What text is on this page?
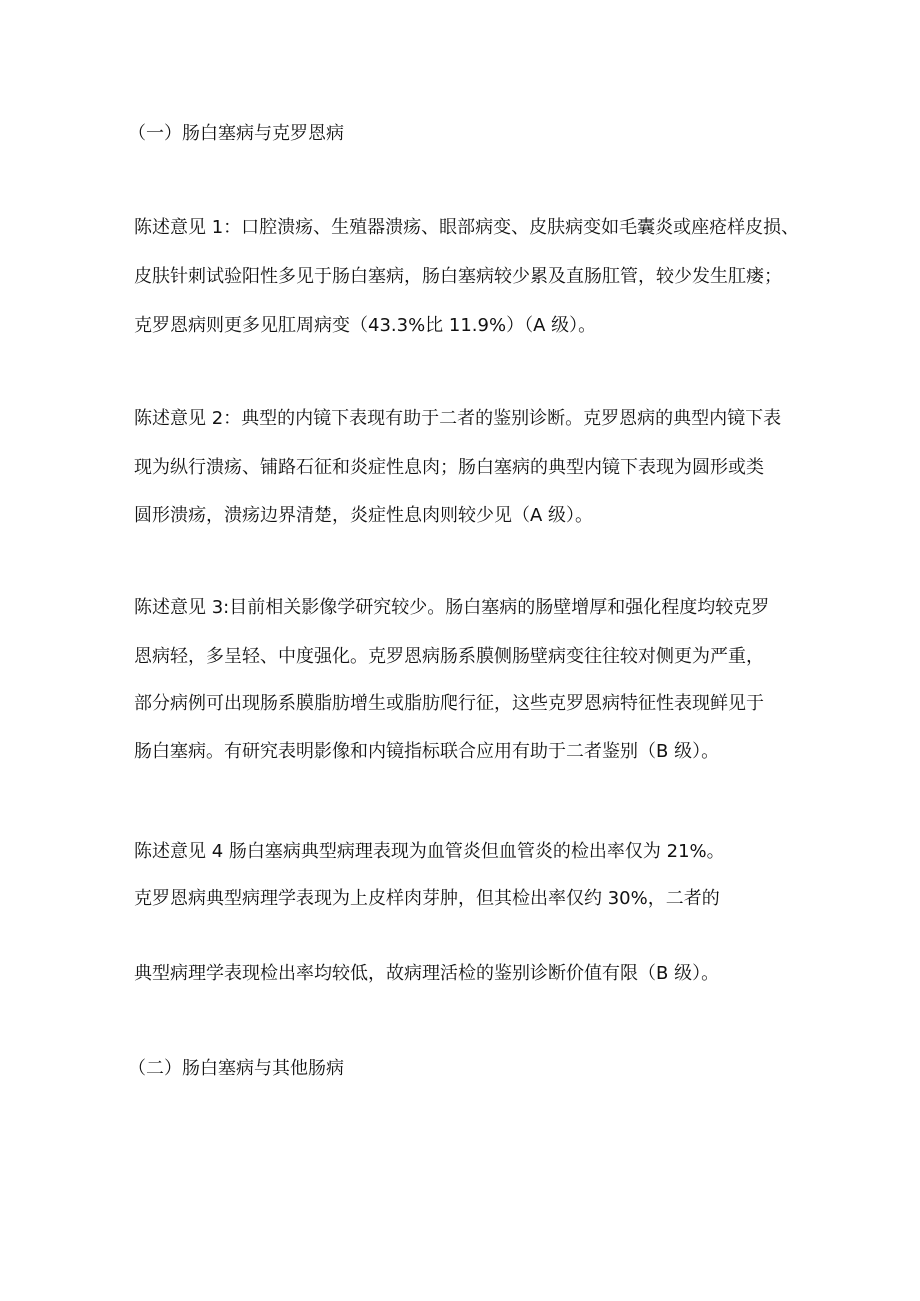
（一）肠白塞病与克罗恩病

陈述意见 1：口腔溃疡、生殖器溃疡、眼部病变、皮肤病变如毛囊炎或座疮样皮损、

皮肤针刺试验阳性多见于肠白塞病，肠白塞病较少累及直肠肛管，较少发生肛瘘；

克罗恩病则更多见肛周病变（43.3%比 11.9%）（A 级）。

陈述意见 2：典型的内镜下表现有助于二者的鉴别诊断。克罗恩病的典型内镜下表

现为纵行溃疡、铺路石征和炎症性息肉；肠白塞病的典型内镜下表现为圆形或类

圆形溃疡，溃疡边界清楚，炎症性息肉则较少见（A 级）。

陈述意见 3:目前相关影像学研究较少。肠白塞病的肠壁增厚和强化程度均较克罗

恩病轻，多呈轻、中度强化。克罗恩病肠系膜侧肠壁病变往往较对侧更为严重，

部分病例可出现肠系膜脂肪增生或脂肪爬行征，这些克罗恩病特征性表现鲜见于

肠白塞病。有研究表明影像和内镜指标联合应用有助于二者鉴别（B 级）。

陈述意见 4 肠白塞病典型病理表现为血管炎但血管炎的检出率仅为 21%。

克罗恩病典型病理学表现为上皮样肉芽肿，但其检出率仅约 30%，二者的

典型病理学表现检出率均较低，故病理活检的鉴别诊断价值有限（B 级）。

（二）肠白塞病与其他肠病
